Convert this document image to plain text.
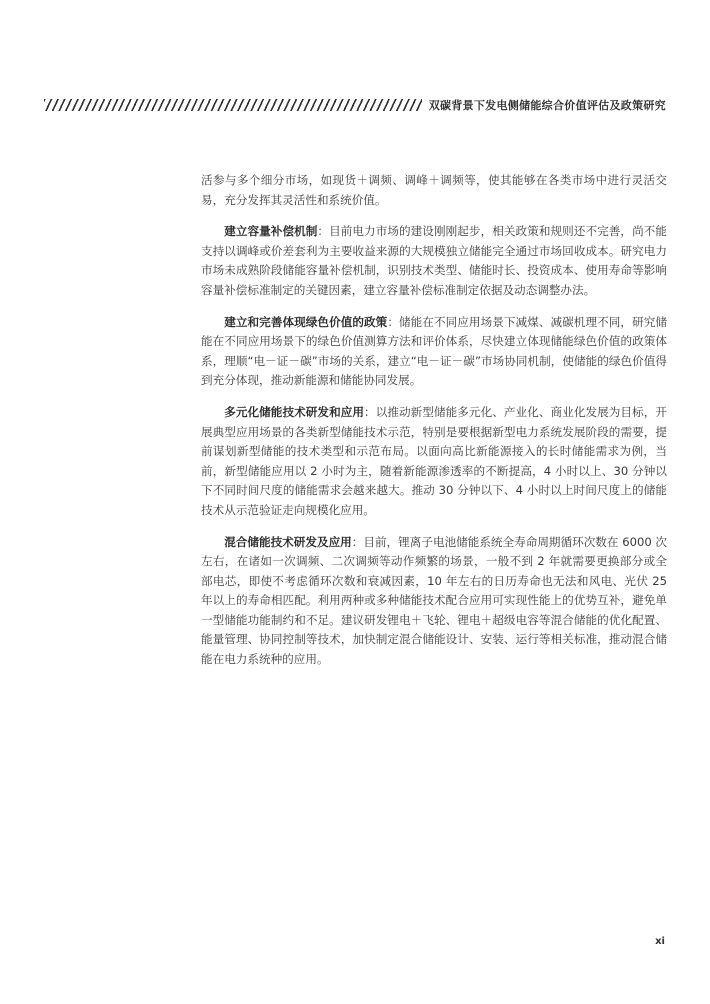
双碳背景下发电侧储能综合价值评估及政策研究

活参与多个细分市场，如现货＋调频、调峰＋调频等，使其能够在各类市场中进行灵活交易，充分发挥其灵活性和系统价值。

建立容量补偿机制：目前电力市场的建设刚刚起步，相关政策和规则还不完善，尚不能支持以调峰或价差套利为主要收益来源的大规模独立储能完全通过市场回收成本。研究电力市场未成熟阶段储能容量补偿机制，识别技术类型、储能时长、投资成本、使用寿命等影响容量补偿标准制定的关键因素，建立容量补偿标准制定依据及动态调整办法。

建立和完善体现绿色价值的政策：储能在不同应用场景下减煤、减碳机理不同，研究储能在不同应用场景下的绿色价值测算方法和评价体系，尽快建立体现储能绿色价值的政策体系，理顺“电－证－碳”市场的关系，建立“电－证－碳”市场协同机制，使储能的绿色价值得到充分体现，推动新能源和储能协同发展。

多元化储能技术研发和应用：以推动新型储能多元化、产业化、商业化发展为目标，开展典型应用场景的各类新型储能技术示范，特别是要根据新型电力系统发展阶段的需要，提前谋划新型储能的技术类型和示范布局。以面向高比新能源接入的长时储能需求为例，当前，新型储能应用以 2 小时为主，随着新能源渗透率的不断提高，4 小时以上、30 分钟以下不同时间尺度的储能需求会越来越大。推动 30 分钟以下、4 小时以上时间尺度上的储能技术从示范验证走向规模化应用。

混合储能技术研发及应用：目前，锂离子电池储能系统全寿命周期循环次数在 6000 次左右，在诸如一次调频、二次调频等动作频繁的场景，一般不到 2 年就需要更换部分或全部电芯，即使不考虑循环次数和衰减因素，10 年左右的日历寿命也无法和风电、光伏 25 年以上的寿命相匹配。利用两种或多种储能技术配合应用可实现性能上的优势互补，避免单一型储能功能制约和不足。建议研发锂电＋飞轮、锂电＋超级电容等混合储能的优化配置、能量管理、协同控制等技术，加快制定混合储能设计、安装、运行等相关标准，推动混合储能在电力系统种的应用。

xi
